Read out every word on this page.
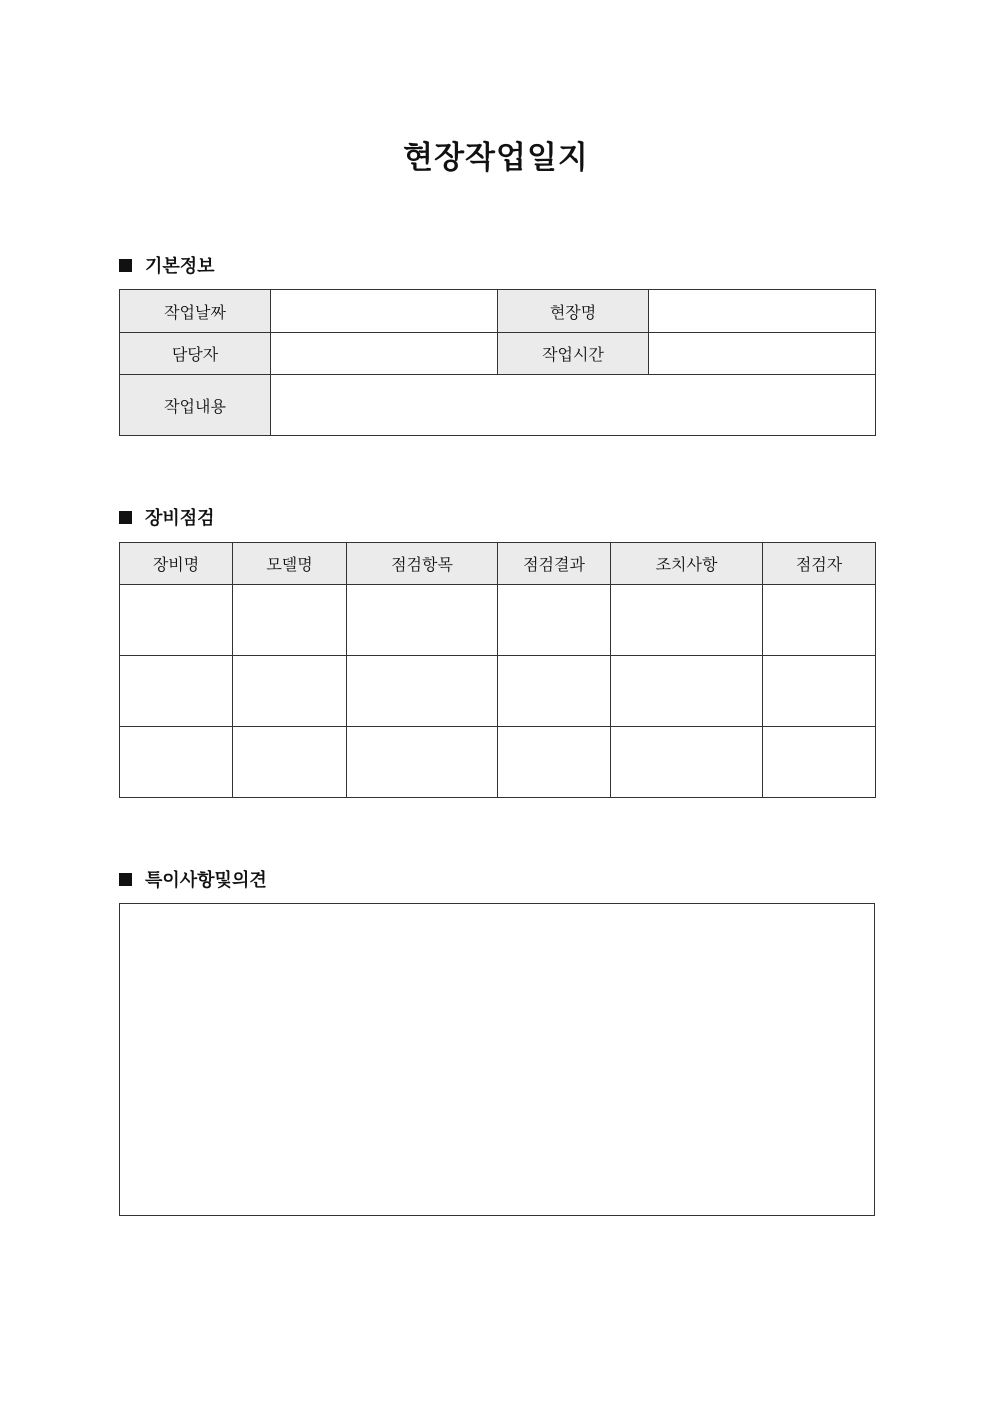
현장작업일지
기본정보
작업날짜		현장명	
담당자		작업시간	
작업내용			
장비점검
장비명	모델명	점검항목	점검결과	조치사항	점검자

특이사항및의견
